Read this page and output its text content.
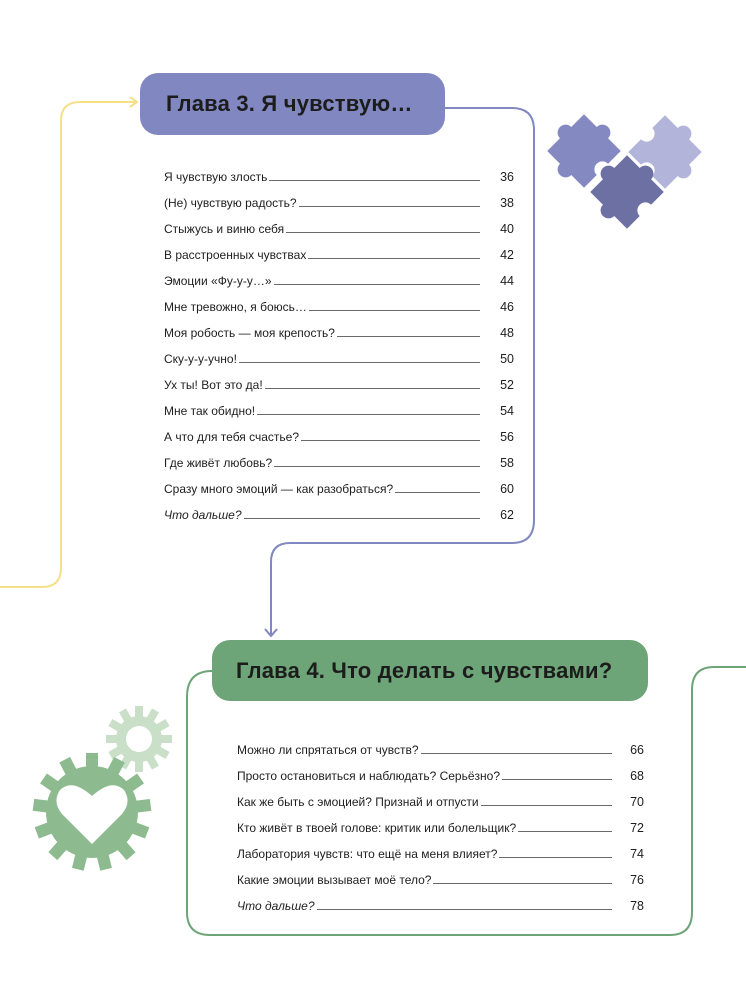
Глава 3. Я чувствую…
Я чувствую злость	36
(Не) чувствую радость?	38
Стыжусь и виню себя	40
В расстроенных чувствах	42
Эмоции «Фу-у-у…»	44
Мне тревожно, я боюсь…	46
Моя робость — моя крепость?	48
Ску-у-у-учно!	50
Ух ты! Вот это да!	52
Мне так обидно!	54
А что для тебя счастье?	56
Где живёт любовь?	58
Сразу много эмоций — как разобраться?	60
Что дальше?	62
Глава 4. Что делать с чувствами?
Можно ли спрятаться от чувств?	66
Просто остановиться и наблюдать? Серьёзно?	68
Как же быть с эмоцией? Признай и отпусти	70
Кто живёт в твоей голове: критик или болельщик?	72
Лаборатория чувств: что ещё на меня влияет?	74
Какие эмоции вызывает моё тело?	76
Что дальше?	78
